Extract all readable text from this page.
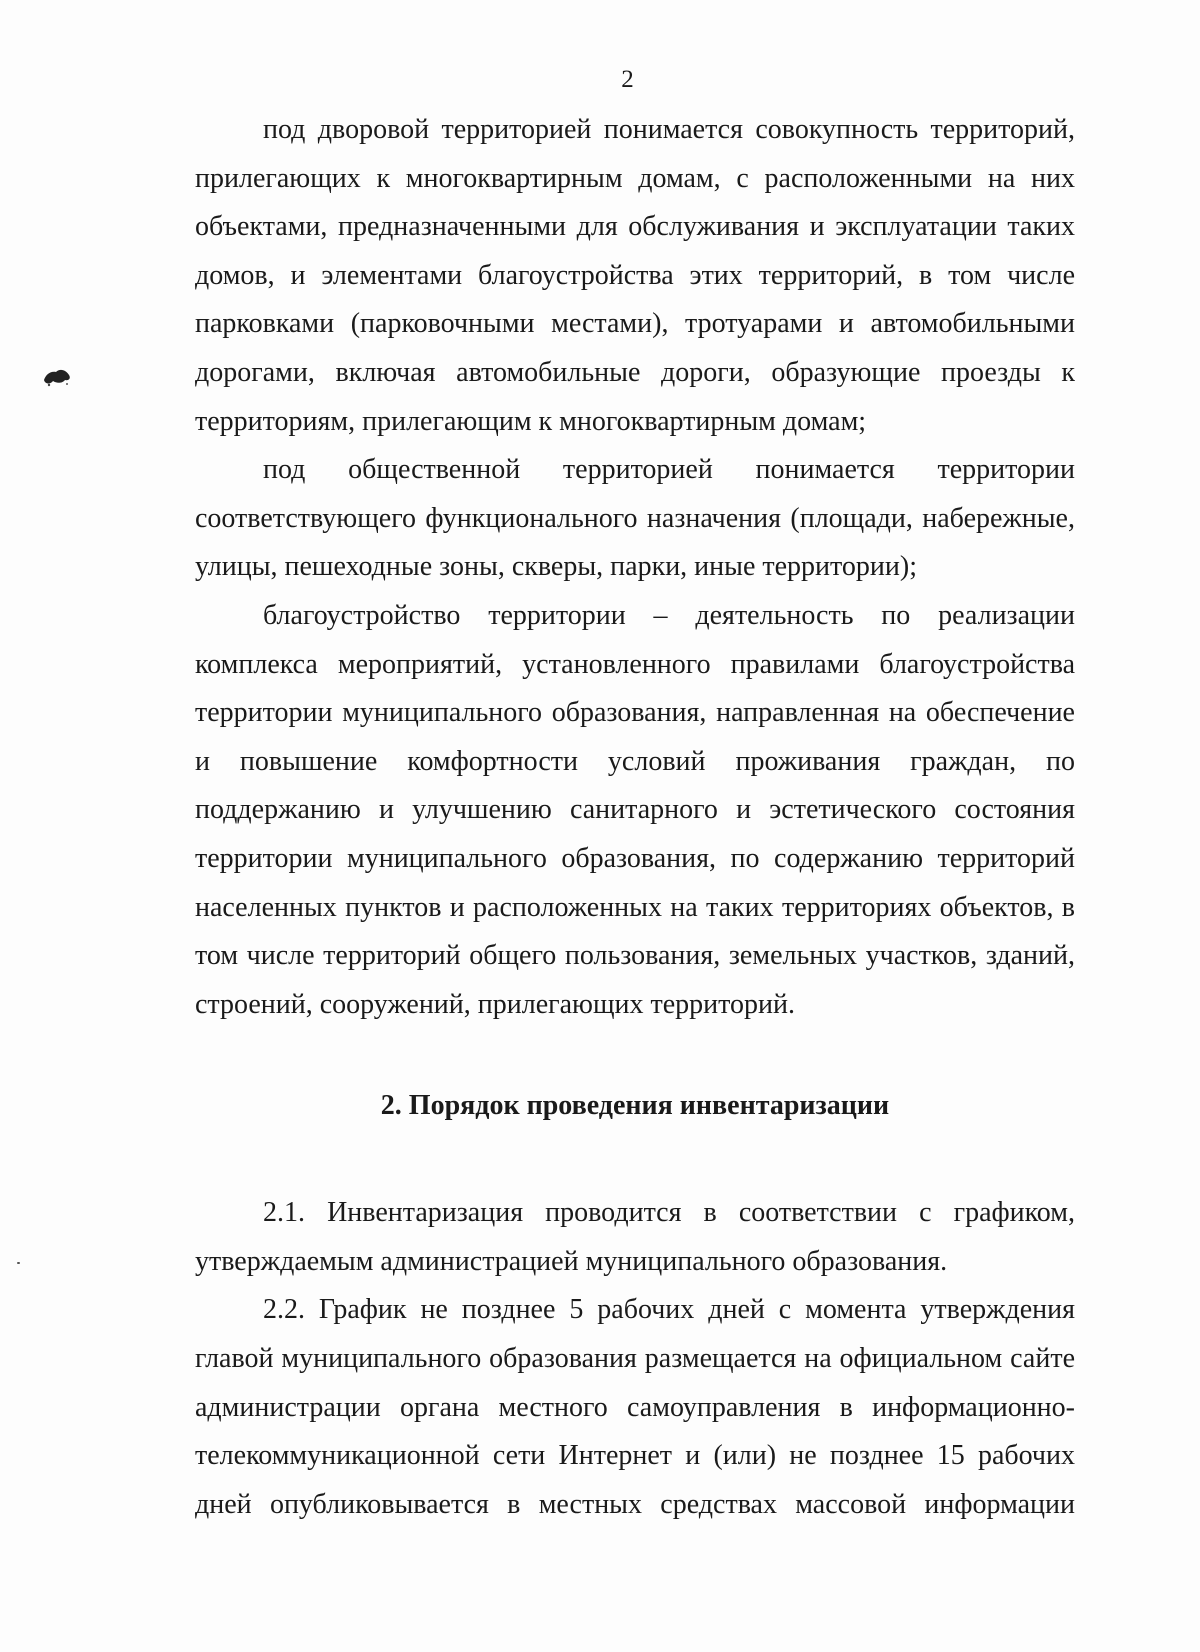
2

под дворовой территорией понимается совокупность территорий, прилегающих к многоквартирным домам, с расположенными на них объектами, предназначенными для обслуживания и эксплуатации таких домов, и элементами благоустройства этих территорий, в том числе парковками (парковочными местами), тротуарами и автомобильными дорогами, включая автомобильные дороги, образующие проезды к территориям, прилегающим к многоквартирным домам;

под общественной территорией понимается территории соответствующего функционального назначения (площади, набережные, улицы, пешеходные зоны, скверы, парки, иные территории);

благоустройство территории – деятельность по реализации комплекса мероприятий, установленного правилами благоустройства территории муниципального образования, направленная на обеспечение и повышение комфортности условий проживания граждан, по поддержанию и улучшению санитарного и эстетического состояния территории муниципального образования, по содержанию территорий населенных пунктов и расположенных на таких территориях объектов, в том числе территорий общего пользования, земельных участков, зданий, строений, сооружений, прилегающих территорий.

2. Порядок проведения инвентаризации

2.1. Инвентаризация проводится в соответствии с графиком, утверждаемым администрацией муниципального образования.

2.2. График не позднее 5 рабочих дней с момента утверждения главой муниципального образования размещается на официальном сайте администрации органа местного самоуправления в информационно-телекоммуникационной сети Интернет и (или) не позднее 15 рабочих дней опубликовывается в местных средствах массовой информации
